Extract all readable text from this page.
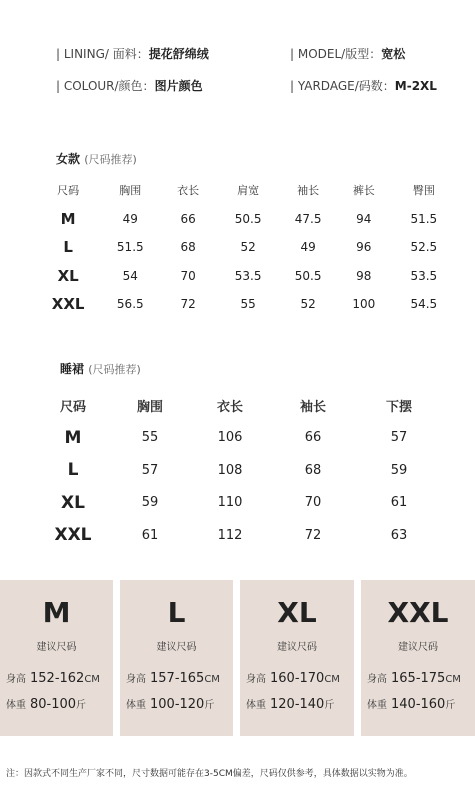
| LINING/ 面料：提花舒绵绒	| MODEL/版型：宽松
| COLOUR/颜色：图片颜色	| YARDAGE/码数：M-2XL
女款 (尺码推荐)
尺码	胸围	衣长	肩宽	袖长	裤长	臀围
M	49	66	50.5	47.5	94	51.5
L	51.5	68	52	49	96	52.5
XL	54	70	53.5	50.5	98	53.5
XXL	56.5	72	55	52	100	54.5
睡裙 (尺码推荐)
尺码	胸围	衣长	袖长	下摆
M	55	106	66	57
L	57	108	68	59
XL	59	110	70	61
XXL	61	112	72	63
M
建议尺码
身高 152-162CM
体重 80-100斤
L
建议尺码
身高 157-165CM
体重 100-120斤
XL
建议尺码
身高 160-170CM
体重 120-140斤
XXL
建议尺码
身高 165-175CM
体重 140-160斤
注：因款式不同生产厂家不同，尺寸数据可能存在3-5CM偏差，尺码仅供参考，具体数据以实物为准。
